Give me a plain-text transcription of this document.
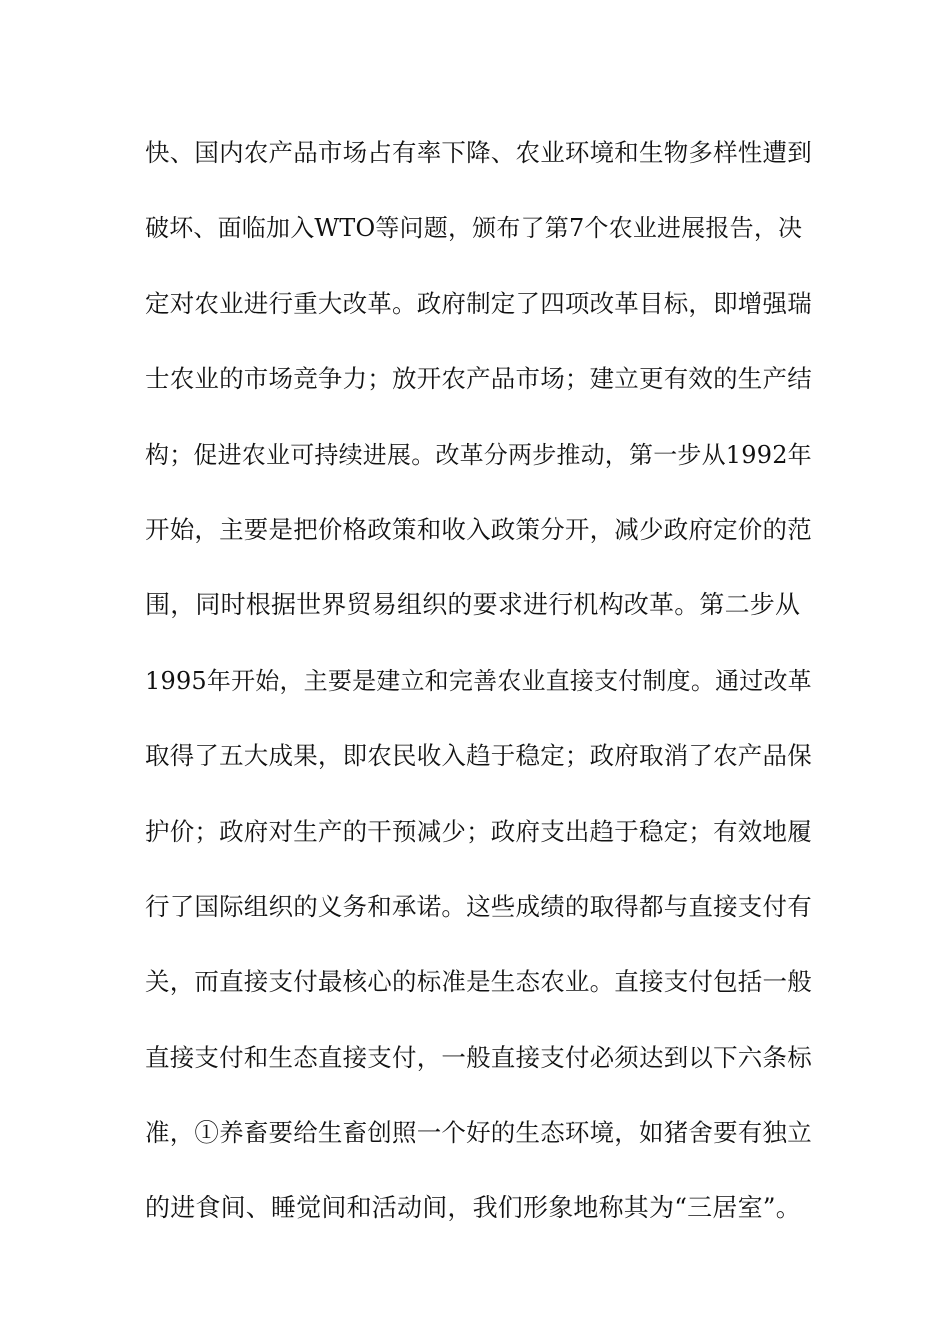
快、国内农产品市场占有率下降、农业环境和生物多样性遭到
破坏、面临加入WTO等问题，颁布了第7个农业进展报告，决
定对农业进行重大改革。政府制定了四项改革目标，即增强瑞
士农业的市场竞争力；放开农产品市场；建立更有效的生产结
构；促进农业可持续进展。改革分两步推动，第一步从1992年
开始，主要是把价格政策和收入政策分开，减少政府定价的范
围，同时根据世界贸易组织的要求进行机构改革。第二步从
1995年开始，主要是建立和完善农业直接支付制度。通过改革
取得了五大成果，即农民收入趋于稳定；政府取消了农产品保
护价；政府对生产的干预减少；政府支出趋于稳定；有效地履
行了国际组织的义务和承诺。这些成绩的取得都与直接支付有
关，而直接支付最核心的标准是生态农业。直接支付包括一般
直接支付和生态直接支付，一般直接支付必须达到以下六条标
准，①养畜要给生畜创照一个好的生态环境，如猪舍要有独立
的进食间、睡觉间和活动间，我们形象地称其为“三居室”。
